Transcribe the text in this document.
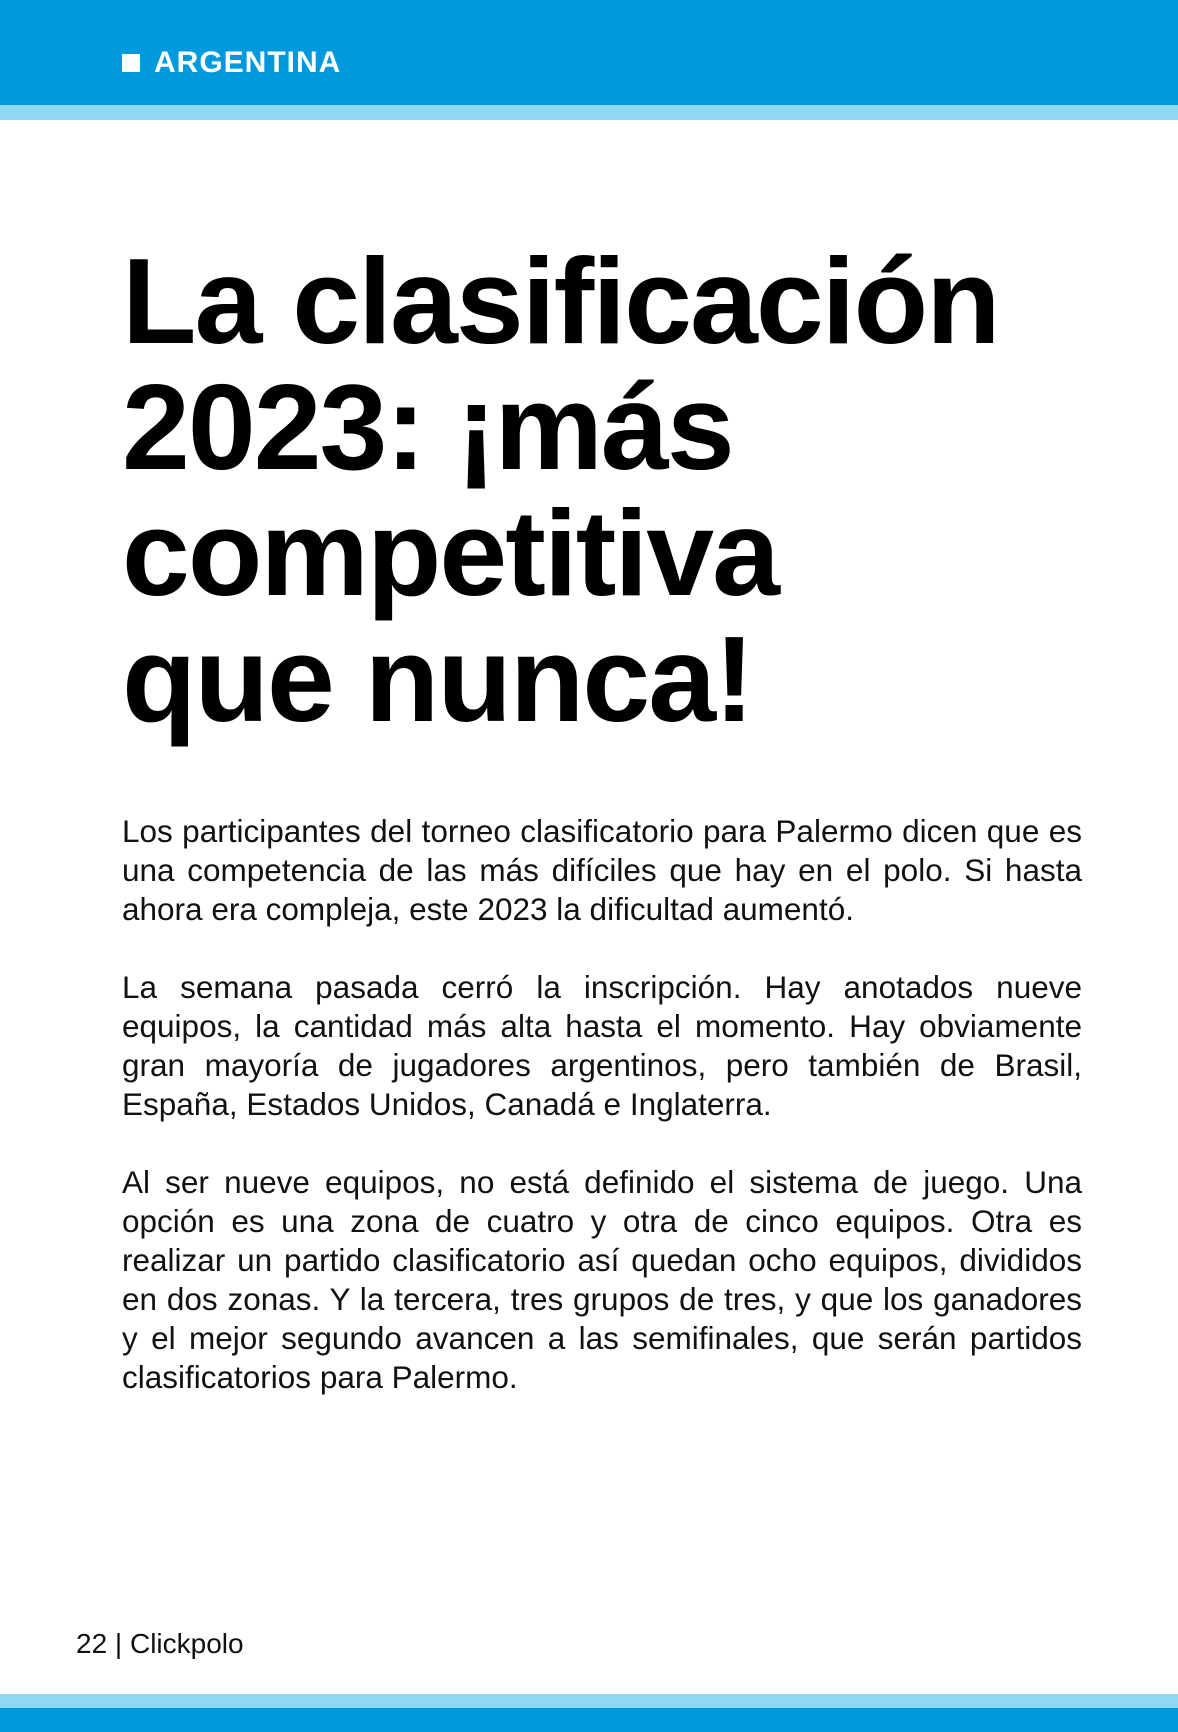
ARGENTINA
La clasificación
2023: ¡más
competitiva
que nunca!

Los participantes del torneo clasificatorio para Palermo dicen que es una competencia de las más difíciles que hay en el polo. Si hasta ahora era compleja, este 2023 la dificultad aumentó.

La semana pasada cerró la inscripción. Hay anotados nueve equipos, la cantidad más alta hasta el momento. Hay obviamente gran mayoría de jugadores argentinos, pero también de Brasil, España, Estados Unidos, Canadá e Inglaterra.

Al ser nueve equipos, no está definido el sistema de juego. Una opción es una zona de cuatro y otra de cinco equipos. Otra es realizar un partido clasificatorio así quedan ocho equipos, divididos en dos zonas. Y la tercera, tres grupos de tres, y que los ganadores y el mejor segundo avancen a las semifinales, que serán partidos clasificatorios para Palermo.

22 | Clickpolo
